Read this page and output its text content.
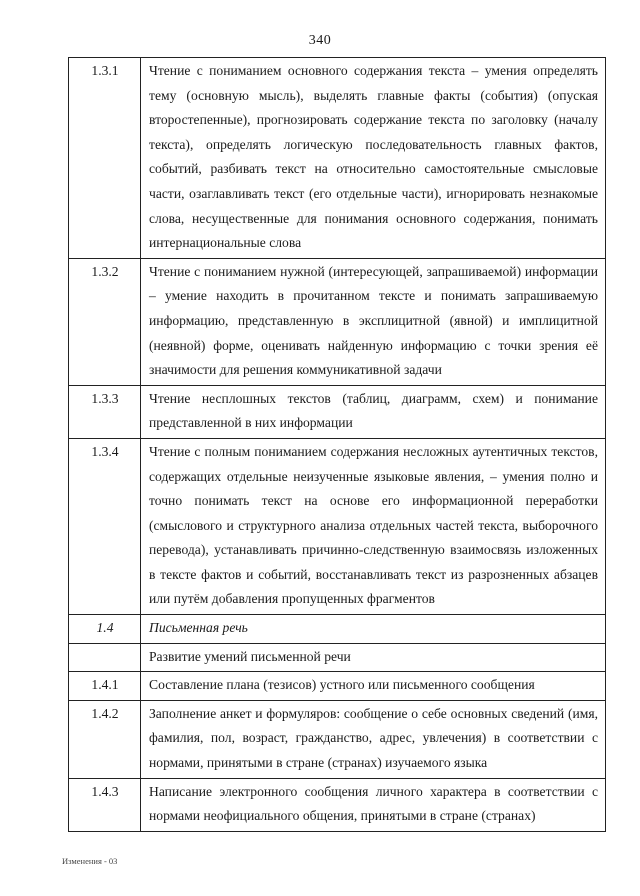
340
1.3.1	Чтение с пониманием основного содержания текста – умения определять тему (основную мысль), выделять главные факты (события) (опуская второстепенные), прогнозировать содержание текста по заголовку (началу текста), определять логическую последовательность главных фактов, событий, разбивать текст на относительно самостоятельные смысловые части, озаглавливать текст (его отдельные части), игнорировать незнакомые слова, несущественные для понимания основного содержания, понимать интернациональные слова
1.3.2	Чтение с пониманием нужной (интересующей, запрашиваемой) информации – умение находить в прочитанном тексте и понимать запрашиваемую информацию, представленную в эксплицитной (явной) и имплицитной (неявной) форме, оценивать найденную информацию с точки зрения её значимости для решения коммуникативной задачи
1.3.3	Чтение несплошных текстов (таблиц, диаграмм, схем) и понимание представленной в них информации
1.3.4	Чтение с полным пониманием содержания несложных аутентичных текстов, содержащих отдельные неизученные языковые явления, – умения полно и точно понимать текст на основе его информационной переработки (смыслового и структурного анализа отдельных частей текста, выборочного перевода), устанавливать причинно-следственную взаимосвязь изложенных в тексте фактов и событий, восстанавливать текст из разрозненных абзацев или путём добавления пропущенных фрагментов
1.4	Письменная речь
	Развитие умений письменной речи
1.4.1	Составление плана (тезисов) устного или письменного сообщения
1.4.2	Заполнение анкет и формуляров: сообщение о себе основных сведений (имя, фамилия, пол, возраст, гражданство, адрес, увлечения) в соответствии с нормами, принятыми в стране (странах) изучаемого языка
1.4.3	Написание электронного сообщения личного характера в соответствии с нормами неофициального общения, принятыми в стране (странах)
Изменения - 03
